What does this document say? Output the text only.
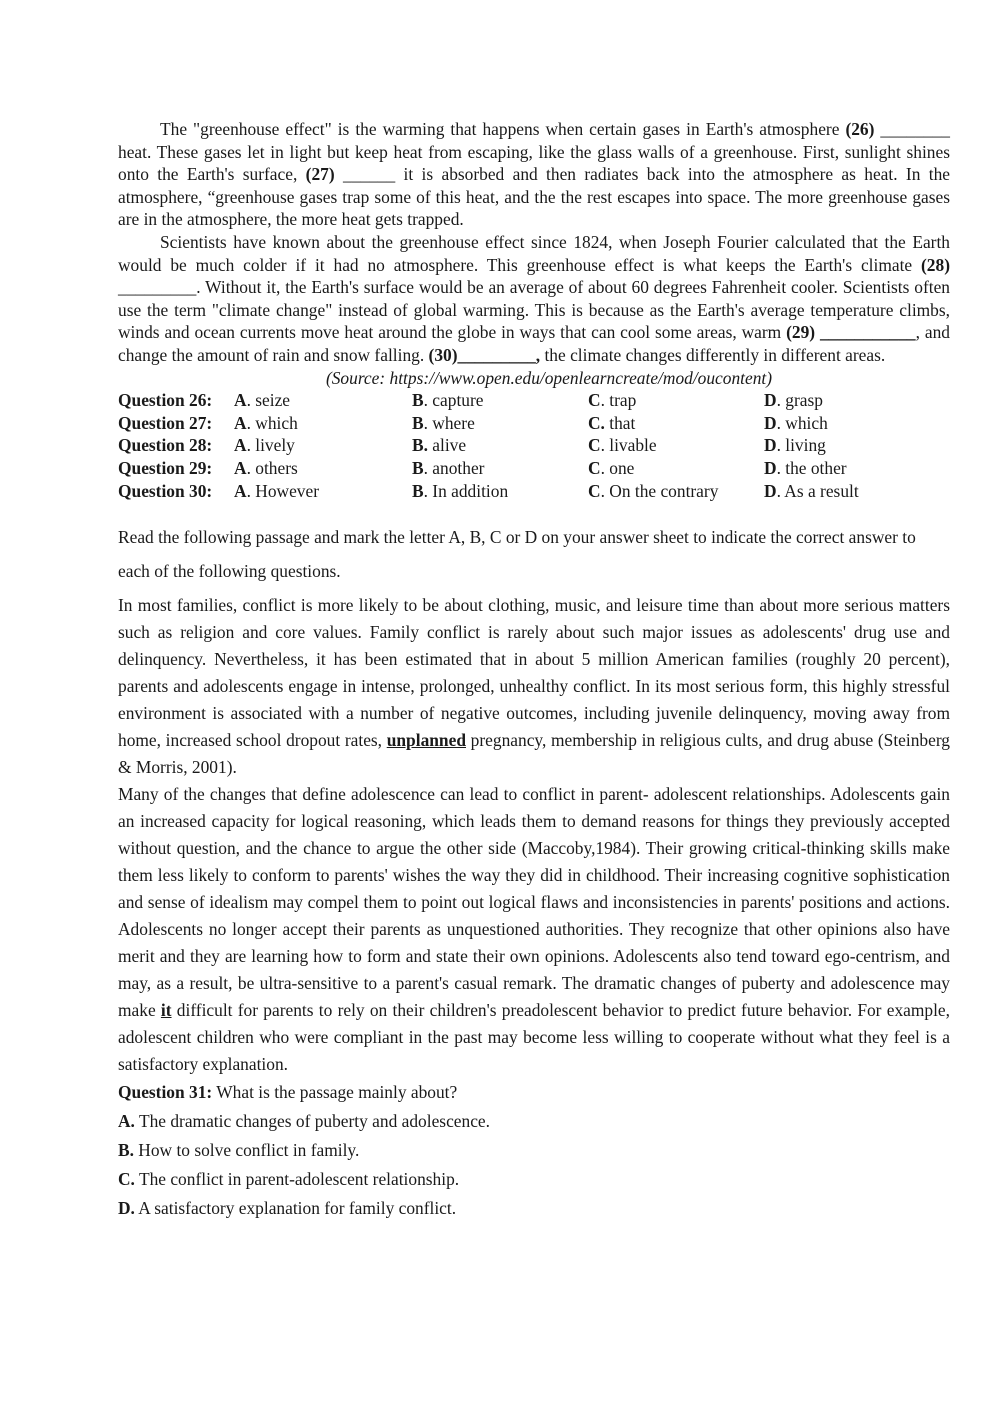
The "greenhouse effect" is the warming that happens when certain gases in Earth's atmosphere (26) ________ heat. These gases let in light but keep heat from escaping, like the glass walls of a greenhouse. First, sunlight shines onto the Earth's surface, (27) ______ it is absorbed and then radiates back into the atmosphere as heat. In the atmosphere, “greenhouse gases trap some of this heat, and the the rest escapes into space. The more greenhouse gases are in the atmosphere, the more heat gets trapped.

Scientists have known about the greenhouse effect since 1824, when Joseph Fourier calculated that the Earth would be much colder if it had no atmosphere. This greenhouse effect is what keeps the Earth's climate (28) _________. Without it, the Earth's surface would be an average of about 60 degrees Fahrenheit cooler. Scientists often use the term "climate change" instead of global warming. This is because as the Earth's average temperature climbs, winds and ocean currents move heat around the globe in ways that can cool some areas, warm (29) ___________, and change the amount of rain and snow falling. (30)_________, the climate changes differently in different areas.

(Source: https://www.open.edu/openlearncreate/mod/oucontent)

Question 26:	A. seize	B. capture	C. trap	D. grasp
Question 27:	A. which	B. where	C. that	D. which
Question 28:	A. lively	B. alive	C. livable	D. living
Question 29:	A. others	B. another	C. one	D. the other
Question 30:	A. However	B. In addition	C. On the contrary	D. As a result

Read the following passage and mark the letter A, B, C or D on your answer sheet to indicate the correct answer to each of the following questions.

In most families, conflict is more likely to be about clothing, music, and leisure time than about more serious matters such as religion and core values. Family conflict is rarely about such major issues as adolescents' drug use and delinquency. Nevertheless, it has been estimated that in about 5 million American families (roughly 20 percent), parents and adolescents engage in intense, prolonged, unhealthy conflict. In its most serious form, this highly stressful environment is associated with a number of negative outcomes, including juvenile delinquency, moving away from home, increased school dropout rates, unplanned pregnancy, membership in religious cults, and drug abuse (Steinberg & Morris, 2001).

Many of the changes that define adolescence can lead to conflict in parent- adolescent relationships. Adolescents gain an increased capacity for logical reasoning, which leads them to demand reasons for things they previously accepted without question, and the chance to argue the other side (Maccoby,1984). Their growing critical-thinking skills make them less likely to conform to parents' wishes the way they did in childhood. Their increasing cognitive sophistication and sense of idealism may compel them to point out logical flaws and inconsistencies in parents' positions and actions. Adolescents no longer accept their parents as unquestioned authorities. They recognize that other opinions also have merit and they are learning how to form and state their own opinions. Adolescents also tend toward ego-centrism, and may, as a result, be ultra-sensitive to a parent's casual remark. The dramatic changes of puberty and adolescence may make it difficult for parents to rely on their children's preadolescent behavior to predict future behavior. For example, adolescent children who were compliant in the past may become less willing to cooperate without what they feel is a satisfactory explanation.

Question 31: What is the passage mainly about?

A. The dramatic changes of puberty and adolescence.

B. How to solve conflict in family.

C. The conflict in parent-adolescent relationship.

D. A satisfactory explanation for family conflict.
